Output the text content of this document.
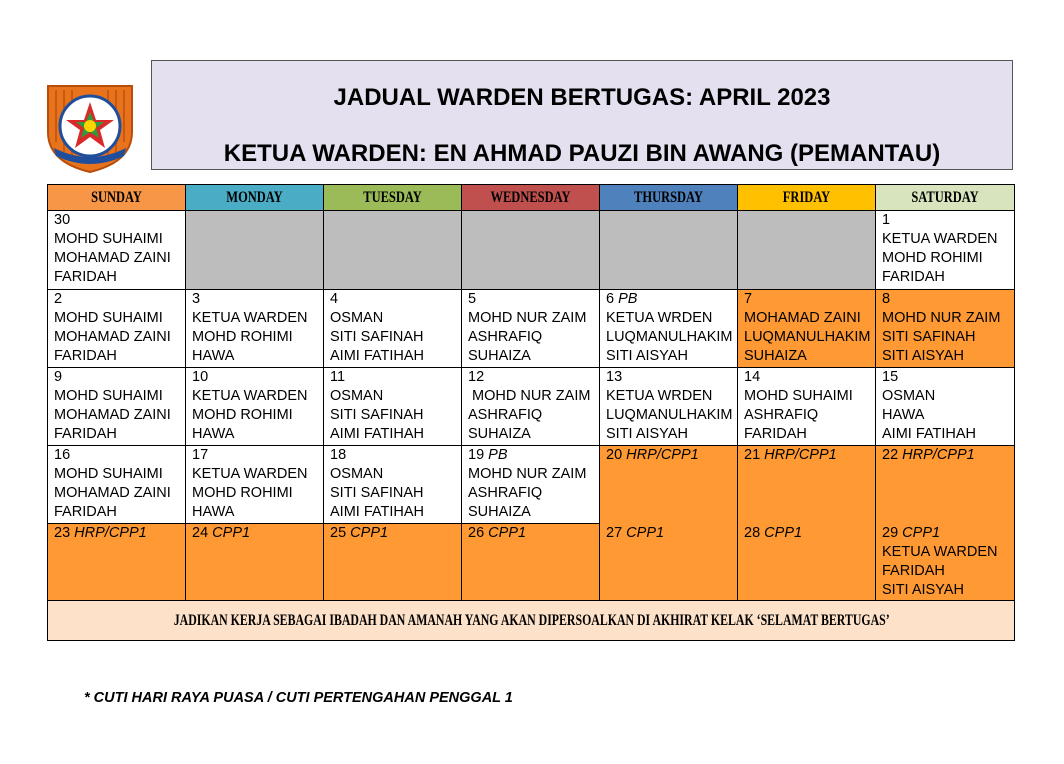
JADUAL WARDEN BERTUGAS: APRIL 2023
KETUA WARDEN: EN AHMAD PAUZI BIN AWANG (PEMANTAU)
SUNDAY	MONDAY	TUESDAY	WEDNESDAY	THURSDAY	FRIDAY	SATURDAY

30
MOHD SUHAIMI
MOHAMAD ZAINI
FARIDAH						1
KETUA WARDEN
MOHD ROHIMI
FARIDAH

2
MOHD SUHAIMI
MOHAMAD ZAINI
FARIDAH	3
KETUA WARDEN
MOHD ROHIMI
HAWA	4
OSMAN
SITI SAFINAH
AIMI FATIHAH	5
MOHD NUR ZAIM
ASHRAFIQ
SUHAIZA	6 PB
KETUA WRDEN
LUQMANULHAKIM
SITI AISYAH	7
MOHAMAD ZAINI
LUQMANULHAKIM
SUHAIZA	8
MOHD NUR ZAIM
SITI SAFINAH
SITI AISYAH

9
MOHD SUHAIMI
MOHAMAD ZAINI
FARIDAH	10
KETUA WARDEN
MOHD ROHIMI
HAWA	11
OSMAN
SITI SAFINAH
AIMI FATIHAH	12
MOHD NUR ZAIM
ASHRAFIQ
SUHAIZA	13
KETUA WRDEN
LUQMANULHAKIM
SITI AISYAH	14
MOHD SUHAIMI
ASHRAFIQ
FARIDAH	15
OSMAN
HAWA
AIMI FATIHAH

16
MOHD SUHAIMI
MOHAMAD ZAINI
FARIDAH	17
KETUA WARDEN
MOHD ROHIMI
HAWA	18
OSMAN
SITI SAFINAH
AIMI FATIHAH	19 PB
MOHD NUR ZAIM
ASHRAFIQ
SUHAIZA	20 HRP/CPP1	21 HRP/CPP1	22 HRP/CPP1

23 HRP/CPP1	24 CPP1	25 CPP1	26 CPP1	27 CPP1	28 CPP1	29 CPP1
KETUA WARDEN
FARIDAH
SITI AISYAH

JADIKAN KERJA SEBAGAI IBADAH DAN AMANAH YANG AKAN DIPERSOALKAN DI AKHIRAT KELAK ‘SELAMAT BERTUGAS’						
* CUTI HARI RAYA PUASA / CUTI PERTENGAHAN PENGGAL 1
